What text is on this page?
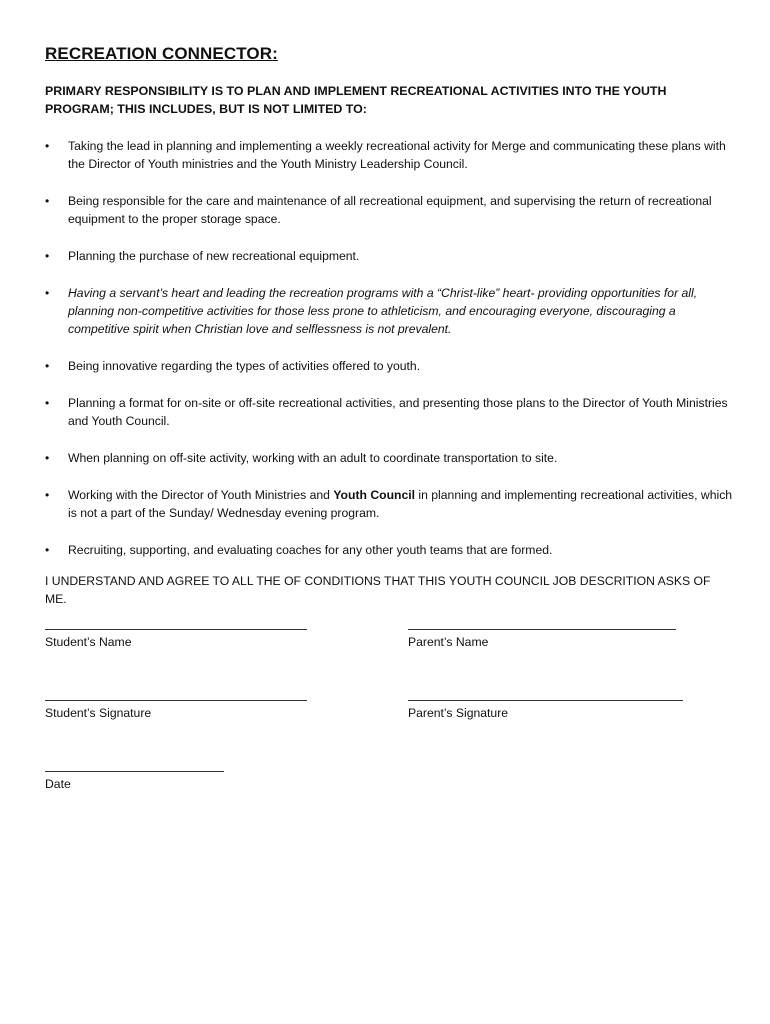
RECREATION CONNECTOR:

PRIMARY RESPONSIBILITY IS TO PLAN AND IMPLEMENT RECREATIONAL ACTIVITIES INTO THE YOUTH PROGRAM; THIS INCLUDES, BUT IS NOT LIMITED TO:

• Taking the lead in planning and implementing a weekly recreational activity for Merge and communicating these plans with the Director of Youth ministries and the Youth Ministry Leadership Council.
• Being responsible for the care and maintenance of all recreational equipment, and supervising the return of recreational equipment to the proper storage space.
• Planning the purchase of new recreational equipment.
• Having a servant’s heart and leading the recreation programs with a “Christ-like” heart- providing opportunities for all, planning non-competitive activities for those less prone to athleticism, and encouraging everyone, discouraging a competitive spirit when Christian love and selflessness is not prevalent.
• Being innovative regarding the types of activities offered to youth.
• Planning a format for on-site or off-site recreational activities, and presenting those plans to the Director of Youth Ministries and Youth Council.
• When planning on off-site activity, working with an adult to coordinate transportation to site.
• Working with the Director of Youth Ministries and Youth Council in planning and implementing recreational activities, which is not a part of the Sunday/ Wednesday evening program.
• Recruiting, supporting, and evaluating coaches for any other youth teams that are formed.

I UNDERSTAND AND AGREE TO ALL THE OF CONDITIONS THAT THIS YOUTH COUNCIL JOB DESCRITION ASKS OF ME.

Student’s Name	Parent’s Name
Student’s Signature	Parent’s Signature
Date
